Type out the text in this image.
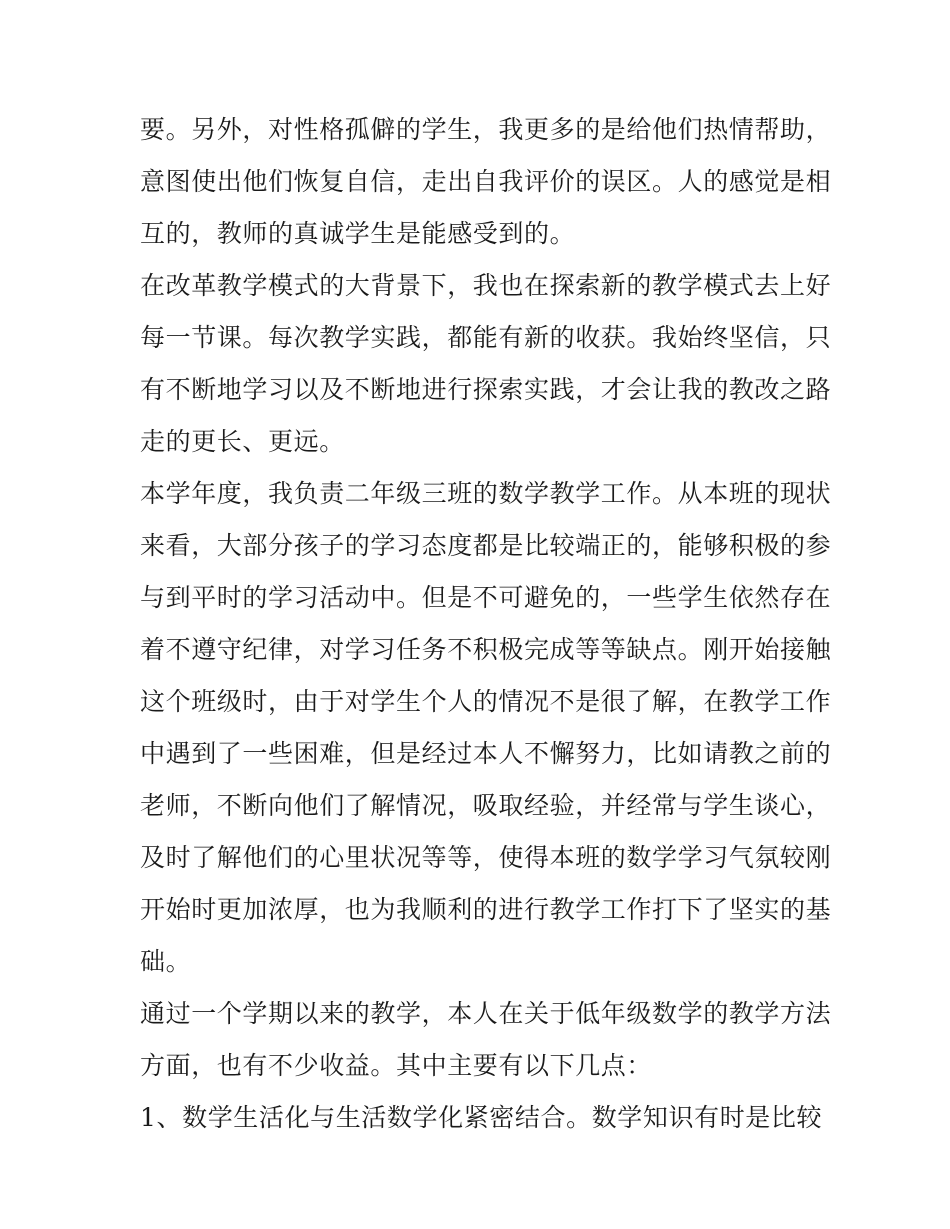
要。另外，对性格孤僻的学生，我更多的是给他们热情帮助，
意图使出他们恢复自信，走出自我评价的误区。人的感觉是相
互的，教师的真诚学生是能感受到的。
在改革教学模式的大背景下，我也在探索新的教学模式去上好
每一节课。每次教学实践，都能有新的收获。我始终坚信，只
有不断地学习以及不断地进行探索实践，才会让我的教改之路
走的更长、更远。
本学年度，我负责二年级三班的数学教学工作。从本班的现状
来看，大部分孩子的学习态度都是比较端正的，能够积极的参
与到平时的学习活动中。但是不可避免的，一些学生依然存在
着不遵守纪律，对学习任务不积极完成等等缺点。刚开始接触
这个班级时，由于对学生个人的情况不是很了解，在教学工作
中遇到了一些困难，但是经过本人不懈努力，比如请教之前的
老师，不断向他们了解情况，吸取经验，并经常与学生谈心，
及时了解他们的心里状况等等，使得本班的数学学习气氛较刚
开始时更加浓厚，也为我顺利的进行教学工作打下了坚实的基
础。
通过一个学期以来的教学，本人在关于低年级数学的教学方法
方面，也有不少收益。其中主要有以下几点：
1、数学生活化与生活数学化紧密结合。数学知识有时是比较
